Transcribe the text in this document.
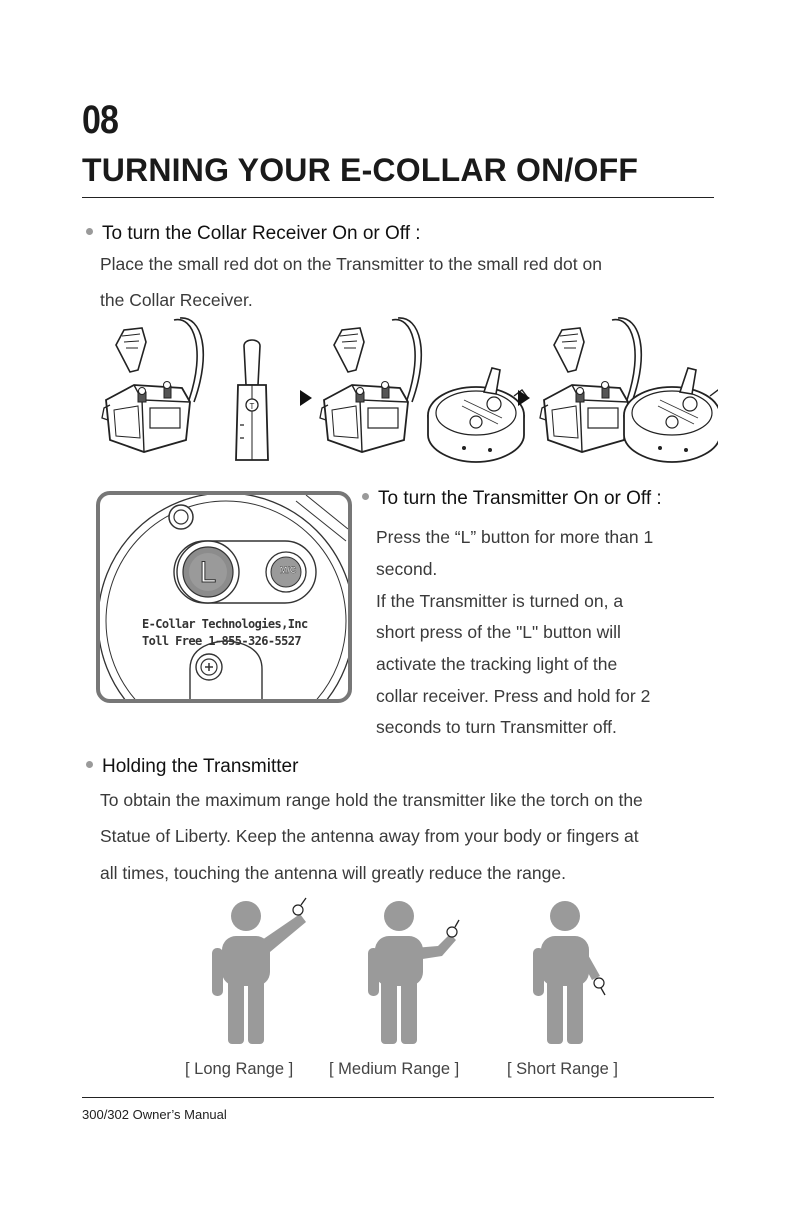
08
TURNING YOUR E-COLLAR ON/OFF
To turn the Collar Receiver On or Off :
Place the small red dot on the Transmitter to the small red dot on
the Collar Receiver.
T
L	M/C
E-Collar Technologies,Inc
Toll Free 1-855-326-5527
To turn the Transmitter On or Off :
Press the “L” button for more than 1
second.
If the Transmitter is turned on, a
short press of the "L" button will
activate the tracking light of the
collar receiver. Press and hold for 2
seconds to turn Transmitter off.
Holding the Transmitter
To obtain the maximum range hold the transmitter like the torch on the
Statue of Liberty. Keep the antenna away from your body or fingers at
all times, touching the antenna will greatly reduce the range.
[ Long Range ] [ Medium Range ]	[ Short Range ]
300/302 Owner’s Manual
